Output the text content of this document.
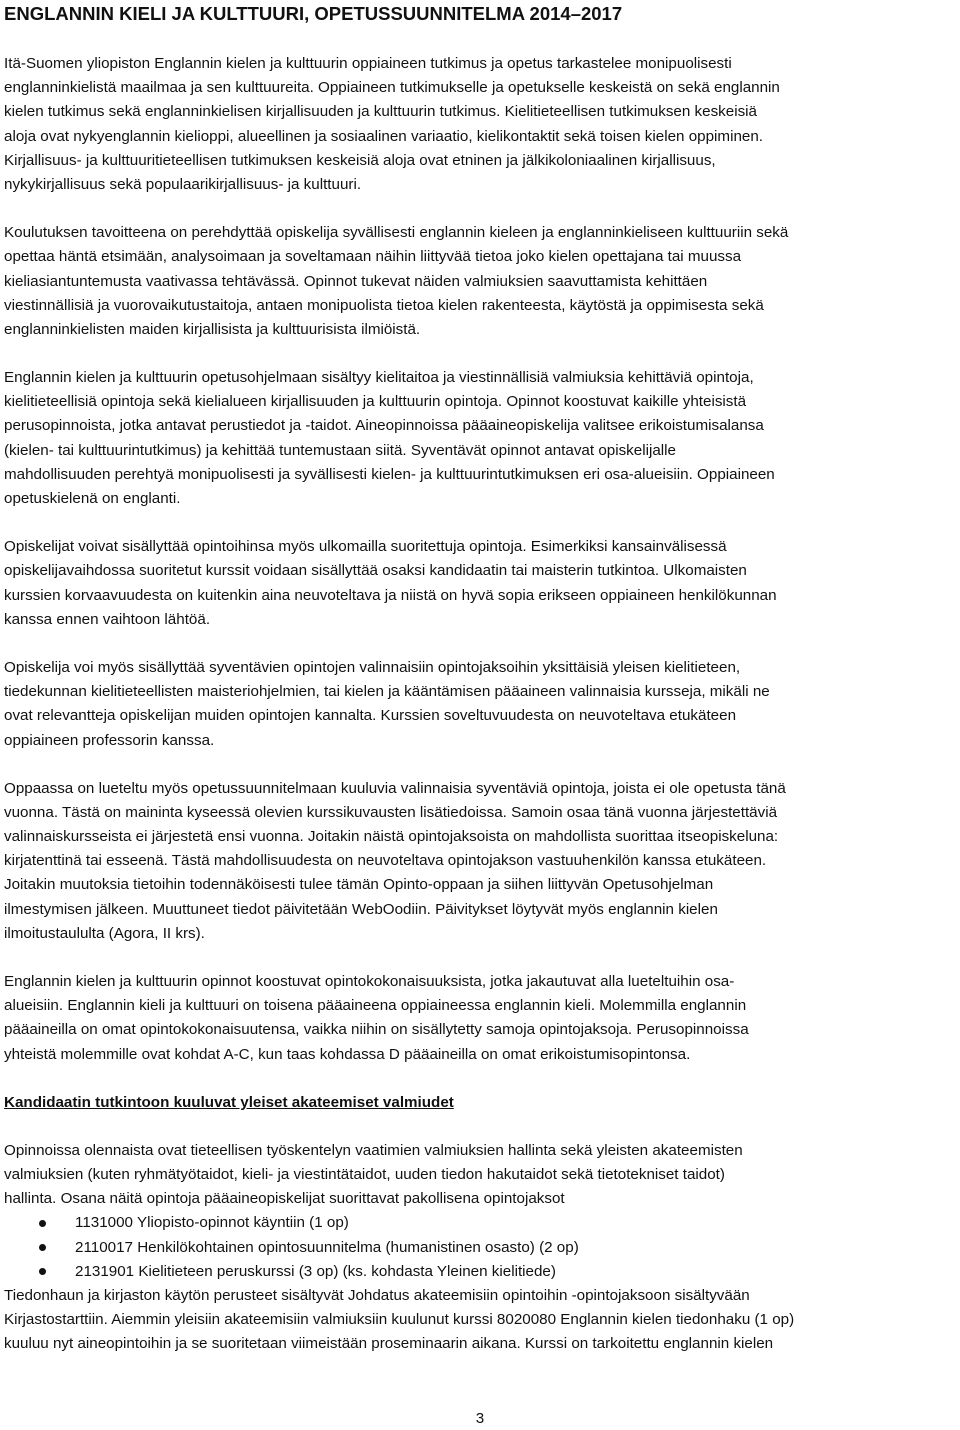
ENGLANNIN KIELI JA KULTTUURI, OPETUSSUUNNITELMA 2014–2017

Itä-Suomen yliopiston Englannin kielen ja kulttuurin oppiaineen tutkimus ja opetus tarkastelee monipuolisesti
englanninkielistä maailmaa ja sen kulttuureita. Oppiaineen tutkimukselle ja opetukselle keskeistä on sekä englannin
kielen tutkimus sekä englanninkielisen kirjallisuuden ja kulttuurin tutkimus. Kielitieteellisen tutkimuksen keskeisiä
aloja ovat nykyenglannin kielioppi, alueellinen ja sosiaalinen variaatio, kielikontaktit sekä toisen kielen oppiminen.
Kirjallisuus- ja kulttuuritieteellisen tutkimuksen keskeisiä aloja ovat etninen ja jälkikoloniaalinen kirjallisuus,
nykykirjallisuus sekä populaarikirjallisuus- ja kulttuuri.

Koulutuksen tavoitteena on perehdyttää opiskelija syvällisesti englannin kieleen ja englanninkieliseen kulttuuriin sekä
opettaa häntä etsimään, analysoimaan ja soveltamaan näihin liittyvää tietoa joko kielen opettajana tai muussa
kieliasiantuntemusta vaativassa tehtävässä. Opinnot tukevat näiden valmiuksien saavuttamista kehittäen
viestinnällisiä ja vuorovaikutustaitoja, antaen monipuolista tietoa kielen rakenteesta, käytöstä ja oppimisesta sekä
englanninkielisten maiden kirjallisista ja kulttuurisista ilmiöistä.

Englannin kielen ja kulttuurin opetusohjelmaan sisältyy kielitaitoa ja viestinnällisiä valmiuksia kehittäviä opintoja,
kielitieteellisiä opintoja sekä kielialueen kirjallisuuden ja kulttuurin opintoja. Opinnot koostuvat kaikille yhteisistä
perusopinnoista, jotka antavat perustiedot ja -taidot. Aineopinnoissa pääaineopiskelija valitsee erikoistumisalansa
(kielen- tai kulttuurintutkimus) ja kehittää tuntemustaan siitä. Syventävät opinnot antavat opiskelijalle
mahdollisuuden perehtyä monipuolisesti ja syvällisesti kielen- ja kulttuurintutkimuksen eri osa-alueisiin. Oppiaineen
opetuskielenä on englanti.

Opiskelijat voivat sisällyttää opintoihinsa myös ulkomailla suoritettuja opintoja. Esimerkiksi kansainvälisessä
opiskelijavaihdossa suoritetut kurssit voidaan sisällyttää osaksi kandidaatin tai maisterin tutkintoa. Ulkomaisten
kurssien korvaavuudesta on kuitenkin aina neuvoteltava ja niistä on hyvä sopia erikseen oppiaineen henkilökunnan
kanssa ennen vaihtoon lähtöä.

Opiskelija voi myös sisällyttää syventävien opintojen valinnaisiin opintojaksoihin yksittäisiä yleisen kielitieteen,
tiedekunnan kielitieteellisten maisteriohjelmien, tai kielen ja kääntämisen pääaineen valinnaisia kursseja, mikäli ne
ovat relevantteja opiskelijan muiden opintojen kannalta. Kurssien soveltuvuudesta on neuvoteltava etukäteen
oppiaineen professorin kanssa.

Oppaassa on lueteltu myös opetussuunnitelmaan kuuluvia valinnaisia syventäviä opintoja, joista ei ole opetusta tänä
vuonna. Tästä on maininta kyseessä olevien kurssikuvausten lisätiedoissa. Samoin osaa tänä vuonna järjestettäviä
valinnaiskursseista ei järjestetä ensi vuonna. Joitakin näistä opintojaksoista on mahdollista suorittaa itseopiskeluna:
kirjatenttinä tai esseenä. Tästä mahdollisuudesta on neuvoteltava opintojakson vastuuhenkilön kanssa etukäteen.
Joitakin muutoksia tietoihin todennäköisesti tulee tämän Opinto-oppaan ja siihen liittyvän Opetusohjelman
ilmestymisen jälkeen. Muuttuneet tiedot päivitetään WebOodiin. Päivitykset löytyvät myös englannin kielen
ilmoitustaululta (Agora, II krs).

Englannin kielen ja kulttuurin opinnot koostuvat opintokokonaisuuksista, jotka jakautuvat alla lueteltuihin osa-
alueisiin. Englannin kieli ja kulttuuri on toisena pääaineena oppiaineessa englannin kieli. Molemmilla englannin
pääaineilla on omat opintokokonaisuutensa, vaikka niihin on sisällytetty samoja opintojaksoja. Perusopinnoissa
yhteistä molemmille ovat kohdat A-C, kun taas kohdassa D pääaineilla on omat erikoistumisopintonsa.

Kandidaatin tutkintoon kuuluvat yleiset akateemiset valmiudet

Opinnoissa olennaista ovat tieteellisen työskentelyn vaatimien valmiuksien hallinta sekä yleisten akateemisten
valmiuksien (kuten ryhmätyötaidot, kieli- ja viestintätaidot, uuden tiedon hakutaidot sekä tietotekniset taidot)
hallinta. Osana näitä opintoja pääaineopiskelijat suorittavat pakollisena opintojaksot

1131000 Yliopisto-opinnot käyntiin (1 op)
2110017 Henkilökohtainen opintosuunnitelma (humanistinen osasto) (2 op)
2131901 Kielitieteen peruskurssi (3 op) (ks. kohdasta Yleinen kielitiede)

Tiedonhaun ja kirjaston käytön perusteet sisältyvät Johdatus akateemisiin opintoihin -opintojaksoon sisältyvään
Kirjastostarttiin. Aiemmin yleisiin akateemisiin valmiuksiin kuulunut kurssi 8020080 Englannin kielen tiedonhaku (1 op)
kuuluu nyt aineopintoihin ja se suoritetaan viimeistään proseminaarin aikana. Kurssi on tarkoitettu englannin kielen

3
